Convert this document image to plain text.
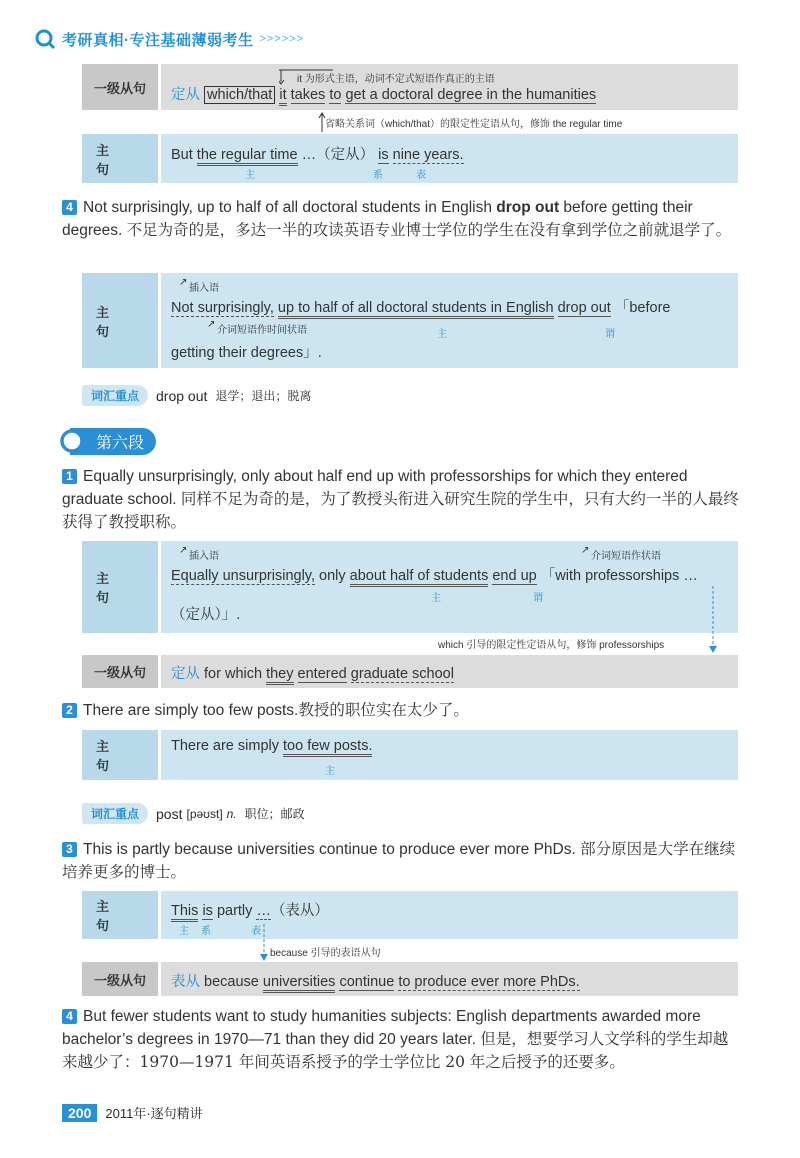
考研真相·专注基础薄弱考生 >>>>>>
一级从句
it 为形式主语，动词不定式短语作真正的主语
定从 which/that it takes to get a doctoral degree in the humanities
省略关系词（which/that）的限定性定语从句，修饰 the regular time
主　句
But the regular time …（定从） is nine years.
主	系	表
4 Not surprisingly, up to half of all doctoral students in English drop out before getting their degrees. 不足为奇的是，多达一半的攻读英语专业博士学位的学生在没有拿到学位之前就退学了。
主　句
插入语
↗
Not surprisingly, up to half of all doctoral students in English drop out 「before
介词短语作时间状语
↗
主	谓
getting their degrees」.
词汇重点	drop out 退学；退出；脱离
第六段
1 Equally unsurprisingly, only about half end up with professorships for which they entered graduate school. 同样不足为奇的是，为了教授头衔进入研究生院的学生中，只有大约一半的人最终获得了教授职称。
主　句
插入语
↗
介词短语作状语
↗
Equally unsurprisingly, only about half of students end up 「with professorships …
主	谓
（定从）」.
which 引导的限定性定语从句，修饰 professorships
一级从句	定从 for which they entered graduate school
2 There are simply too few posts.教授的职位实在太少了。
主　句
There are simply too few posts.
主
词汇重点	post [pəʊst] n. 职位；邮政
3 This is partly because universities continue to produce ever more PhDs. 部分原因是大学在继续培养更多的博士。
主　句
This is partly …（表从）
主 系	表
because 引导的表语从句
一级从句	表从 because universities continue to produce ever more PhDs.
4 But fewer students want to study humanities subjects: English departments awarded more bachelor’s degrees in 1970—71 than they did 20 years later. 但是，想要学习人文学科的学生却越来越少了：1970—1971 年间英语系授予的学士学位比 20 年之后授予的还要多。
200	2011年·逐句精讲
